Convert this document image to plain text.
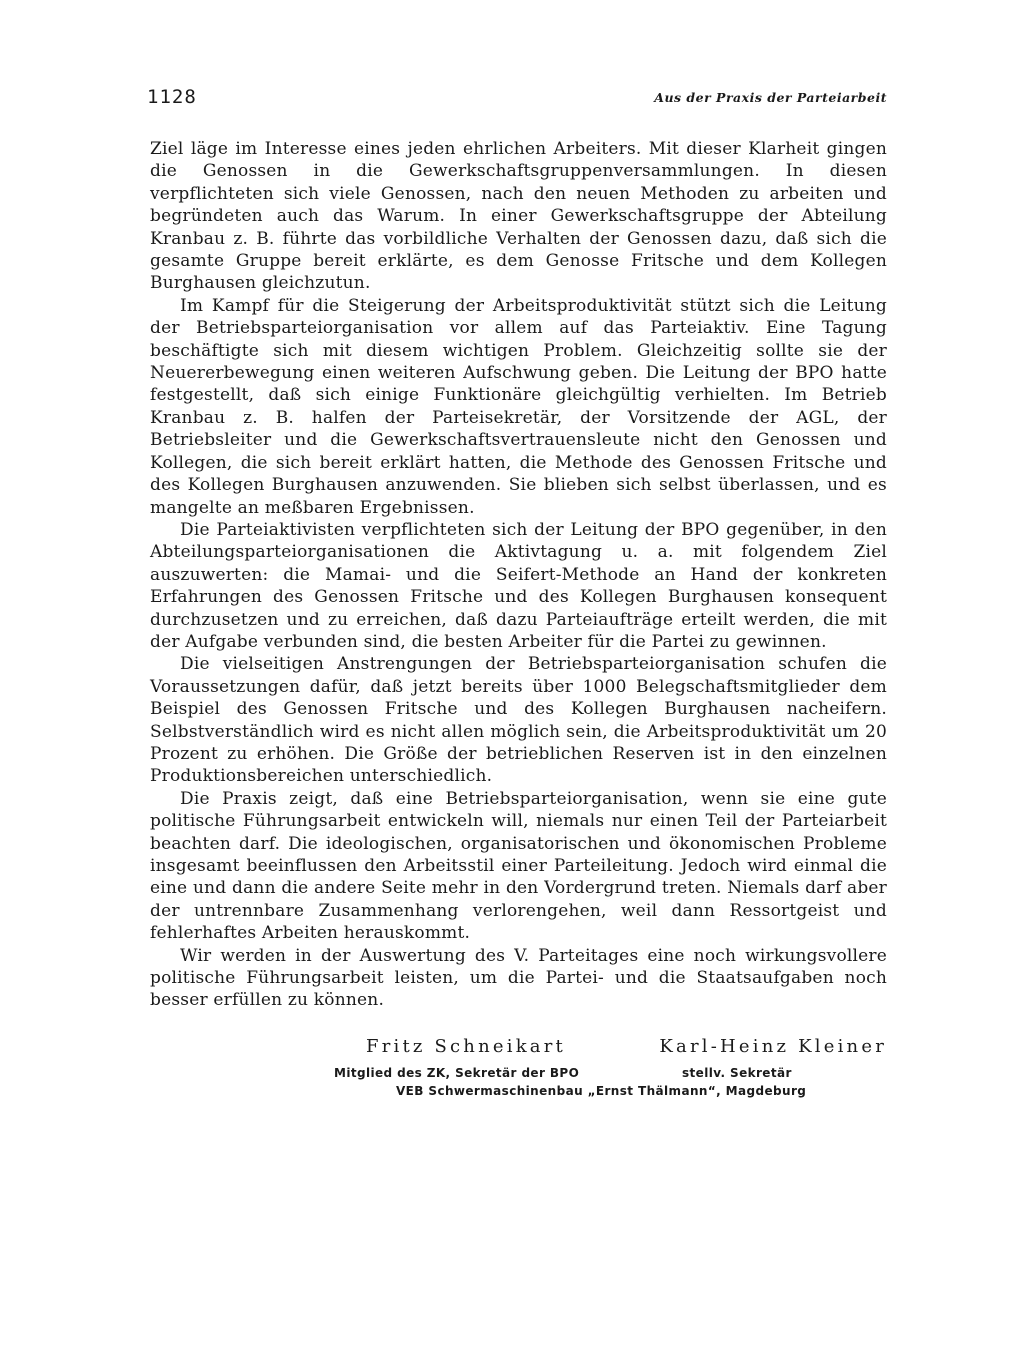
1128	Aus der Praxis der Parteiarbeit

Ziel läge im Interesse eines jeden ehrlichen Arbeiters. Mit dieser Klarheit gingen die Genossen in die Gewerkschaftsgruppenversammlungen. In diesen verpflichteten sich viele Genossen, nach den neuen Methoden zu arbeiten und begründeten auch das Warum. In einer Gewerkschaftsgruppe der Abteilung Kranbau z. B. führte das vorbildliche Verhalten der Genossen dazu, daß sich die gesamte Gruppe bereit erklärte, es dem Genosse Fritsche und dem Kollegen Burghausen gleichzutun.

Im Kampf für die Steigerung der Arbeitsproduktivität stützt sich die Leitung der Betriebsparteiorganisation vor allem auf das Parteiaktiv. Eine Tagung beschäftigte sich mit diesem wichtigen Problem. Gleichzeitig sollte sie der Neuererbewegung einen weiteren Aufschwung geben. Die Leitung der BPO hatte festgestellt, daß sich einige Funktionäre gleichgültig verhielten. Im Betrieb Kranbau z. B. halfen der Parteisekretär, der Vorsitzende der AGL, der Betriebsleiter und die Gewerkschaftsvertrauensleute nicht den Genossen und Kollegen, die sich bereit erklärt hatten, die Methode des Genossen Fritsche und des Kollegen Burghausen anzuwenden. Sie blieben sich selbst überlassen, und es mangelte an meßbaren Ergebnissen.

Die Parteiaktivisten verpflichteten sich der Leitung der BPO gegenüber, in den Abteilungsparteiorganisationen die Aktivtagung u. a. mit folgendem Ziel auszuwerten: die Mamai- und die Seifert-Methode an Hand der konkreten Erfahrungen des Genossen Fritsche und des Kollegen Burghausen konsequent durchzusetzen und zu erreichen, daß dazu Parteiaufträge erteilt werden, die mit der Aufgabe verbunden sind, die besten Arbeiter für die Partei zu gewinnen.

Die vielseitigen Anstrengungen der Betriebsparteiorganisation schufen die Voraussetzungen dafür, daß jetzt bereits über 1000 Belegschaftsmitglieder dem Beispiel des Genossen Fritsche und des Kollegen Burghausen nacheifern. Selbstverständlich wird es nicht allen möglich sein, die Arbeitsproduktivität um 20 Prozent zu erhöhen. Die Größe der betrieblichen Reserven ist in den einzelnen Produktionsbereichen unterschiedlich.

Die Praxis zeigt, daß eine Betriebsparteiorganisation, wenn sie eine gute politische Führungsarbeit entwickeln will, niemals nur einen Teil der Parteiarbeit beachten darf. Die ideologischen, organisatorischen und ökonomischen Probleme insgesamt beeinflussen den Arbeitsstil einer Parteileitung. Jedoch wird einmal die eine und dann die andere Seite mehr in den Vordergrund treten. Niemals darf aber der untrennbare Zusammenhang verlorengehen, weil dann Ressortgeist und fehlerhaftes Arbeiten herauskommt.

Wir werden in der Auswertung des V. Parteitages eine noch wirkungsvollere politische Führungsarbeit leisten, um die Partei- und die Staatsaufgaben noch besser erfüllen zu können.

Fritz Schneikart	Karl-Heinz Kleiner
Mitglied des ZK, Sekretär der BPO	stellv. Sekretär
VEB Schwermaschinenbau „Ernst Thälmann“, Magdeburg
